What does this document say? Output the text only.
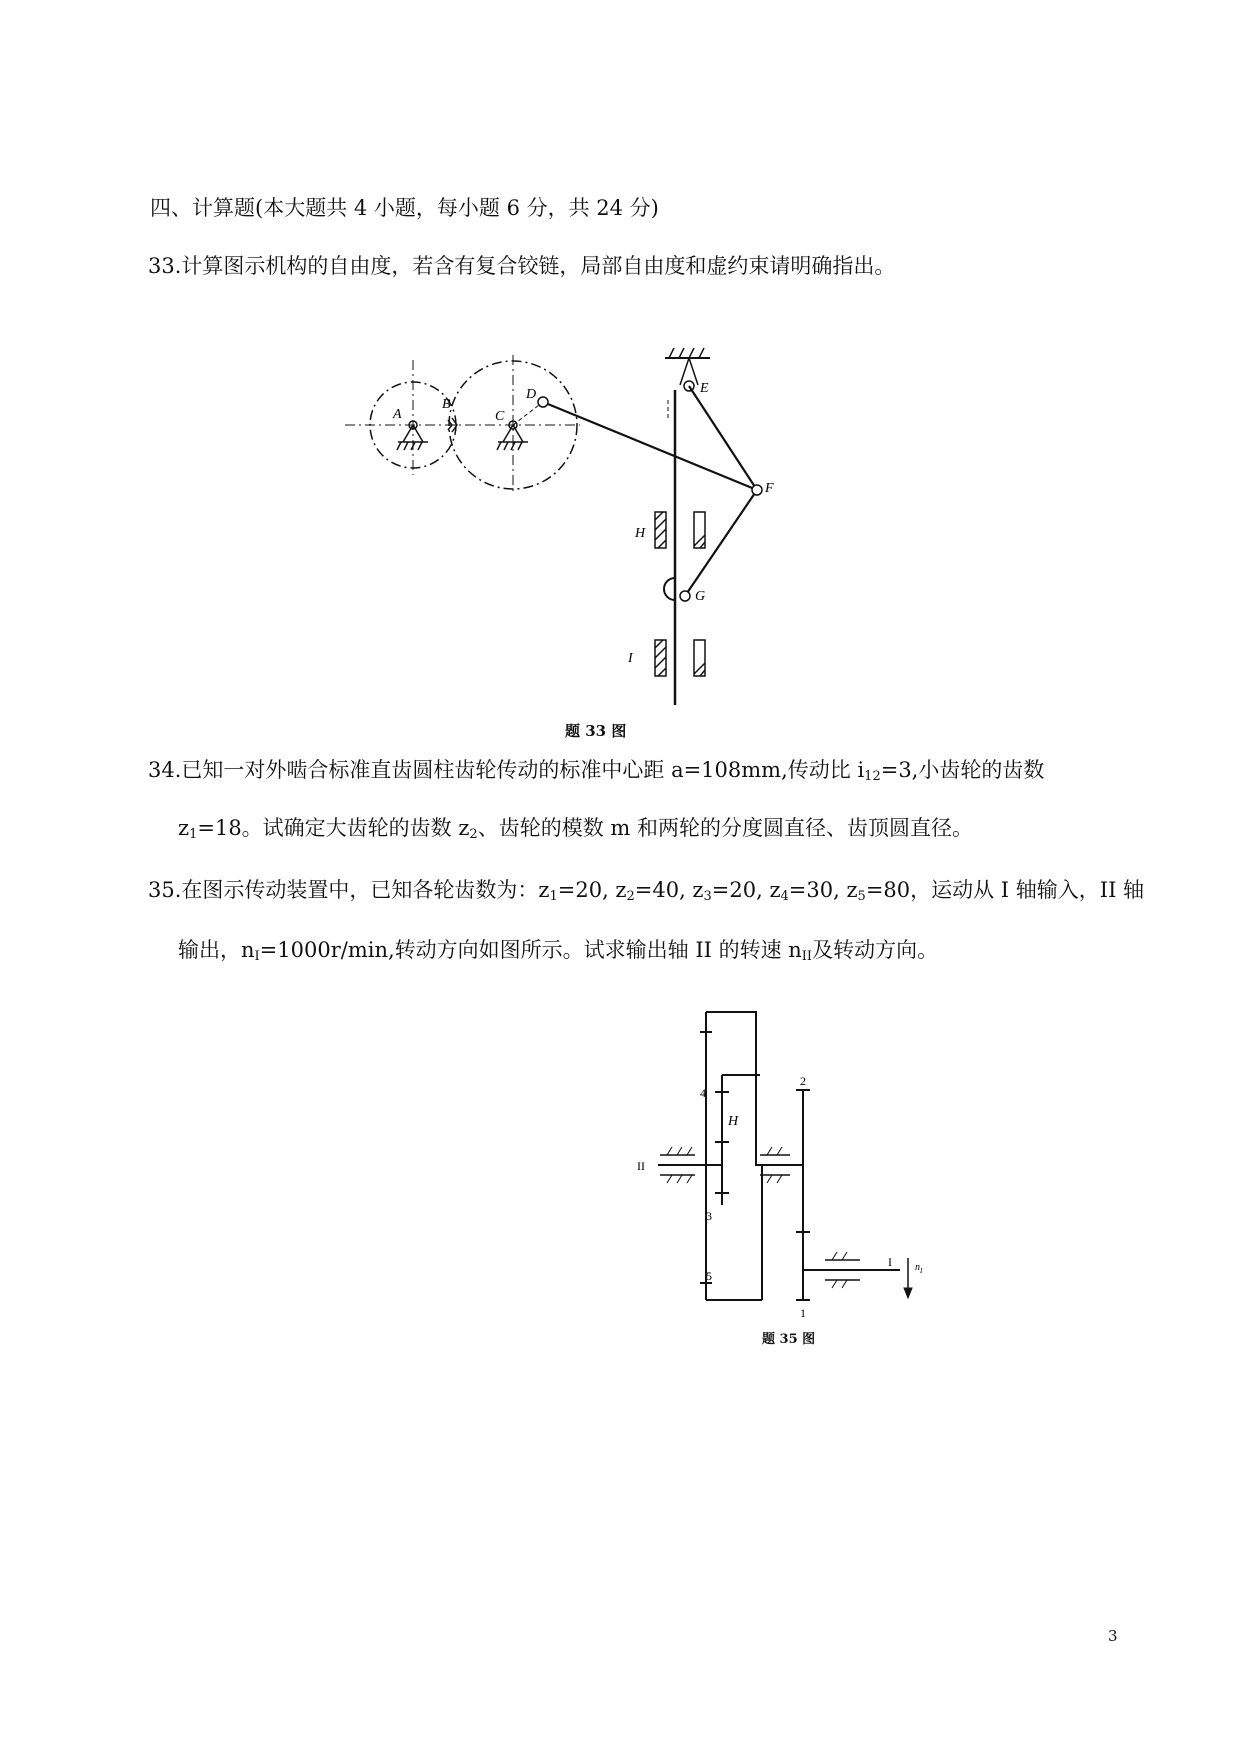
四、计算题(本大题共 4 小题，每小题 6 分，共 24 分)
33.计算图示机构的自由度，若含有复合铰链，局部自由度和虚约束请明确指出。
34.已知一对外啮合标准直齿圆柱齿轮传动的标准中心距 a=108mm,传动比 $i_{12}=3$,小齿轮的齿数
$z_1=18$。试确定大齿轮的齿数 $z_2$、齿轮的模数 m 和两轮的分度圆直径、齿顶圆直径。
35.在图示传动装置中，已知各轮齿数为：$z_1=20$, $z_2=40$, $z_3=20$, $z_4=30$, $z_5=80$，运动从 I 轴输入，II 轴
输出，$n_I=1000r/\min$,转动方向如图所示。试求输出轴 II 的转速 $n_{II}$及转动方向。
A
B
C
D	E
F
G
H
I
2
4
H
II
3
5
1
I $n_I$
题 33 图
题 35 图
3
